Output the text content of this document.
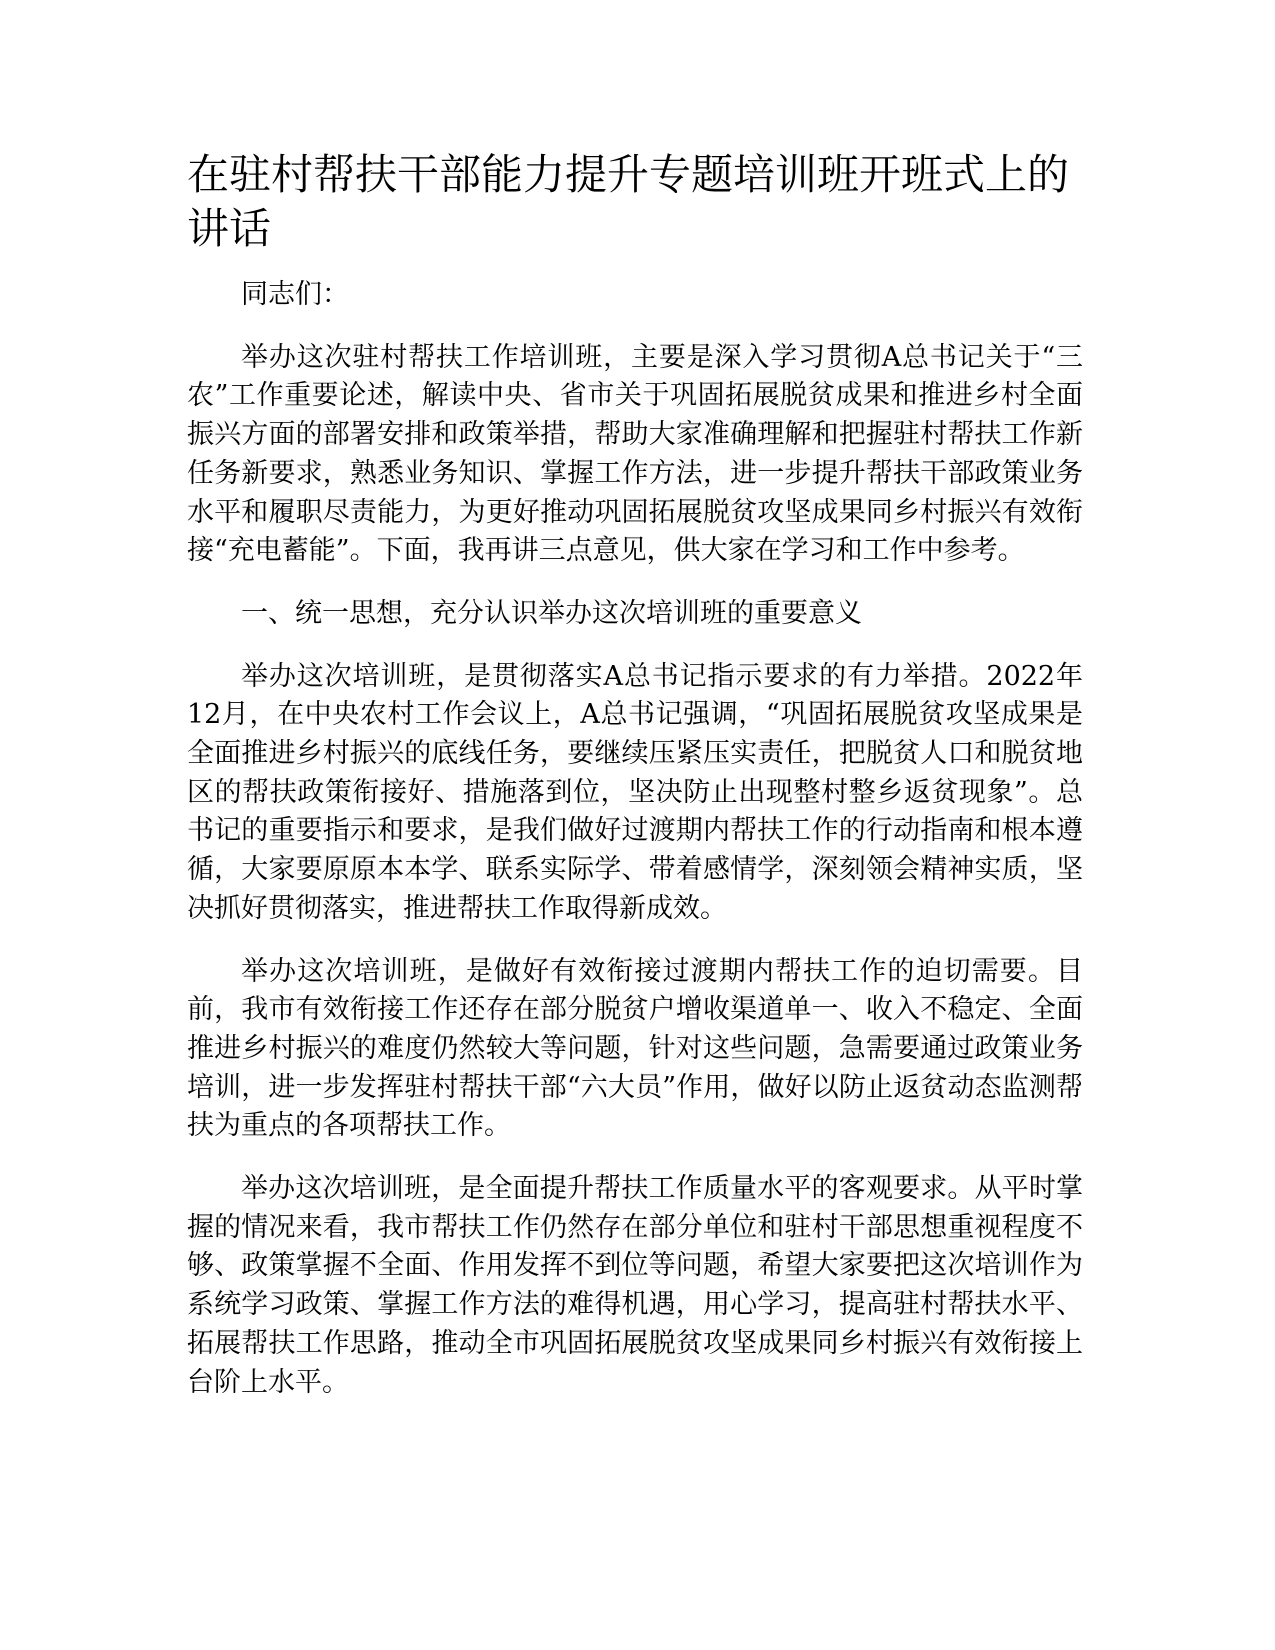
在驻村帮扶干部能力提升专题培训班开班式上的讲话

同志们：

举办这次驻村帮扶工作培训班，主要是深入学习贯彻A总书记关于“三农”工作重要论述，解读中央、省市关于巩固拓展脱贫成果和推进乡村全面振兴方面的部署安排和政策举措，帮助大家准确理解和把握驻村帮扶工作新任务新要求，熟悉业务知识、掌握工作方法，进一步提升帮扶干部政策业务水平和履职尽责能力，为更好推动巩固拓展脱贫攻坚成果同乡村振兴有效衔接“充电蓄能”。下面，我再讲三点意见，供大家在学习和工作中参考。

一、统一思想，充分认识举办这次培训班的重要意义

举办这次培训班，是贯彻落实A总书记指示要求的有力举措。2022年12月，在中央农村工作会议上，A总书记强调，“巩固拓展脱贫攻坚成果是全面推进乡村振兴的底线任务，要继续压紧压实责任，把脱贫人口和脱贫地区的帮扶政策衔接好、措施落到位，坚决防止出现整村整乡返贫现象”。总书记的重要指示和要求，是我们做好过渡期内帮扶工作的行动指南和根本遵循，大家要原原本本学、联系实际学、带着感情学，深刻领会精神实质，坚决抓好贯彻落实，推进帮扶工作取得新成效。

举办这次培训班，是做好有效衔接过渡期内帮扶工作的迫切需要。目前，我市有效衔接工作还存在部分脱贫户增收渠道单一、收入不稳定、全面推进乡村振兴的难度仍然较大等问题，针对这些问题，急需要通过政策业务培训，进一步发挥驻村帮扶干部“六大员”作用，做好以防止返贫动态监测帮扶为重点的各项帮扶工作。

举办这次培训班，是全面提升帮扶工作质量水平的客观要求。从平时掌握的情况来看，我市帮扶工作仍然存在部分单位和驻村干部思想重视程度不够、政策掌握不全面、作用发挥不到位等问题，希望大家要把这次培训作为系统学习政策、掌握工作方法的难得机遇，用心学习，提高驻村帮扶水平、拓展帮扶工作思路，推动全市巩固拓展脱贫攻坚成果同乡村振兴有效衔接上台阶上水平。
